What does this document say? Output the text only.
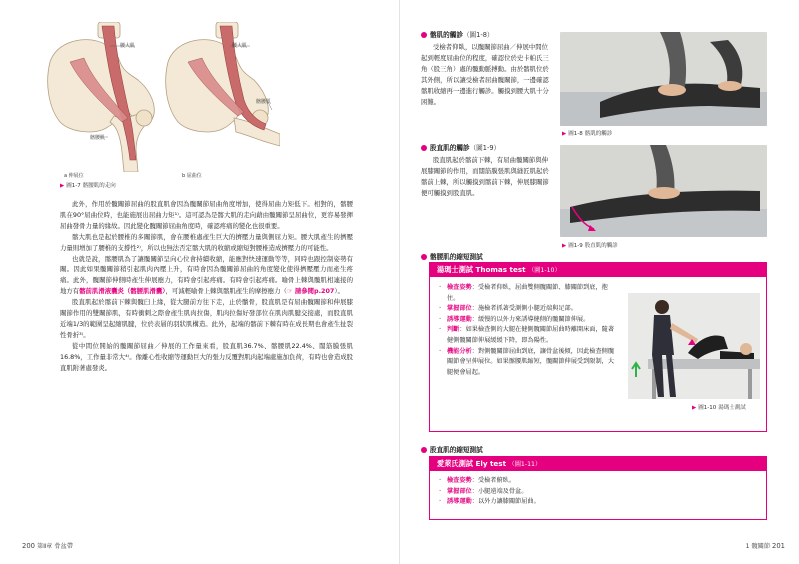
腰大肌
髂腰肌
a 伸展位
腰大肌
髂腰肌
b 屈曲位
▶ 圖1-7 髂腰肌的走向

此外，作用於髖關節屈曲的股直肌會因為髖關節屈曲角度增加，使得屈曲力矩低下。相對的，髂腰肌在90°屈曲位時，也能施展出屈曲力矩¹⁾。這可認為是髂大肌的走向藉由髖關節呈屈曲位，更容易發揮屈曲發骨力量的緣故。因此變化髖關節屈曲角度時，確認疼痛的變化也很重要。

髂大肌也是起於腰椎的多關節肌，會在腰椎處產生巨大的擠壓力量與側屈力矩。腰大肌產生的擠壓力量則增加了腰椎的支撐性²⁾，所以也無法否定髂大肌的收縮或縮短對腰椎造成擠壓力的可能性。

也就是說，髂腰肌為了讓髖關節呈向心位會持續收縮，能應對快速運動等等，同時也跟控制姿勢有關。因此如果髖關節稍引起肌肉內壓上升，有時會因為髖關節屈曲的角度變化使得擠壓壓力而產生疼痛。此外，髖關節伸側時產生伸展應力，有時會引起疼痛。有時會引起疼痛。喻骨上棘與髖肌相連接的地方有髂前肌滑液囊炎（髂腰肌滑囊），可減輕喻骨上棘與髂肌產生的摩擦應力（☞ 請參閱p.207）。

股直肌起於髂前下棘與髖臼上緣，從大腿前方往下走，止於髕骨，股直肌是有屈曲髖關節和伸展膝關節作用的雙關節肌，有時衝刺之際會產生肌肉拉傷，肌肉拉傷好發部位在肌肉肌腱交接處，而股直肌近端1/3的範圍呈起縮肌腱，位於表層的羽狀肌構造。此外，起端的髂前下棘有時在成長期也會產生扯裂性骨折³⁾。

從中間位開始的髖關節屈曲／伸展的工作量來看，股直肌36.7%、髂腰肌22.4%、闊筋膜張肌16.8%，工作量非常大⁴⁾。像離心性收縮等運動巨大的張力反覆對肌肉起端處施加負荷，有時也會造成股直肌附著處發炎。

200 第Ⅱ章 骨盆帶
髂肌的觸診（圖1-8）

受檢者仰臥，以髖關節屈曲／伸展中間位起到輕度屈曲位的程度，確認位於史卡帕氏三角（股三角）處的髖動脈搏動。由於髂肌位於其外側，所以讓受檢者屈曲髖關節，一邊確認髂肌收縮再一邊進行觸診。觸摸到腰大肌十分困難。

▶ 圖1-8 髂肌的觸診
股直肌的觸診（圖1-9）

股直肌起於髂前下棘，有屈曲髖關節與伸展膝關節的作用，而闊筋膜張肌與縫匠肌起於髂前上棘，所以觸摸到髂前下棘，伸展膝關節便可觸摸到股直肌。

▶ 圖1-9 股直肌的觸診
髂腰肌的縮短測試
湯瑪士測試 Thomas test （圖1-10）
・ 檢查姿勢：受檢者仰臥，屈曲雙側髖關節、膝關節到底，抱住。
・ 掌握部位：施檢者抓著受測側小腿近端與足部。
・ 誘導運動：緩慢的以外力來誘導健側的髖關節伸展。
・ 判斷：如果檢查側的大腿在健側髖關節屈曲時離開床面，隨著健側髖關節伸展緩緩下降，即為陽性。
・ 機能分析：對側髖關節屈曲到底，讓骨盆後傾，因此檢查側髖關節會呈伸展位。如果髂腰肌縮短，髖關節伸展受到限制，大腿便會屈起。
▶ 圖1-10 湯瑪士測試
股直肌的縮短測試
愛萊氏測試 Ely test （圖1-11）
・ 檢查姿勢：受檢者俯臥。
・ 掌握部位：小腿遠端及骨盆。
・ 誘導運動：以外力讓膝關節屈曲。
1 髖關節 201
